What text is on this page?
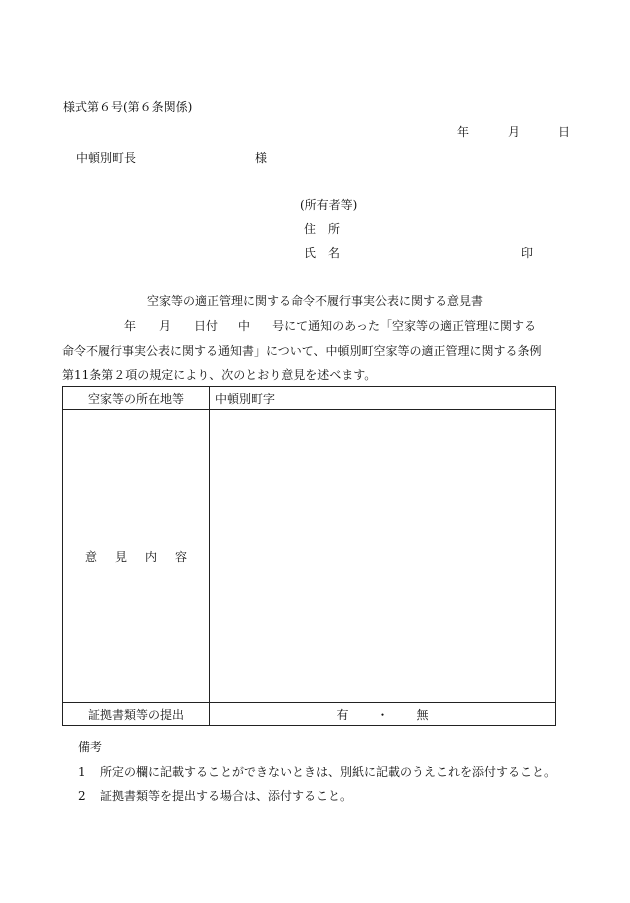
様式第６号(第６条関係)
年	月	日
中頓別町長	様
(所有者等)
住所
氏名	印
空家等の適正管理に関する命令不履行事実公表に関する意見書
年 月 日付 中 号にて通知のあった「空家等の適正管理に関する
命令不履行事実公表に関する通知書」について、中頓別町空家等の適正管理に関する条例
第11条第２項の規定により、次のとおり意見を述べます。
空家等の所在地等	中頓別町字
意見内容	
証拠書類等の提出	有 ・ 無
備考
1 所定の欄に記載することができないときは、別紙に記載のうえこれを添付すること。
2 証拠書類等を提出する場合は、添付すること。
